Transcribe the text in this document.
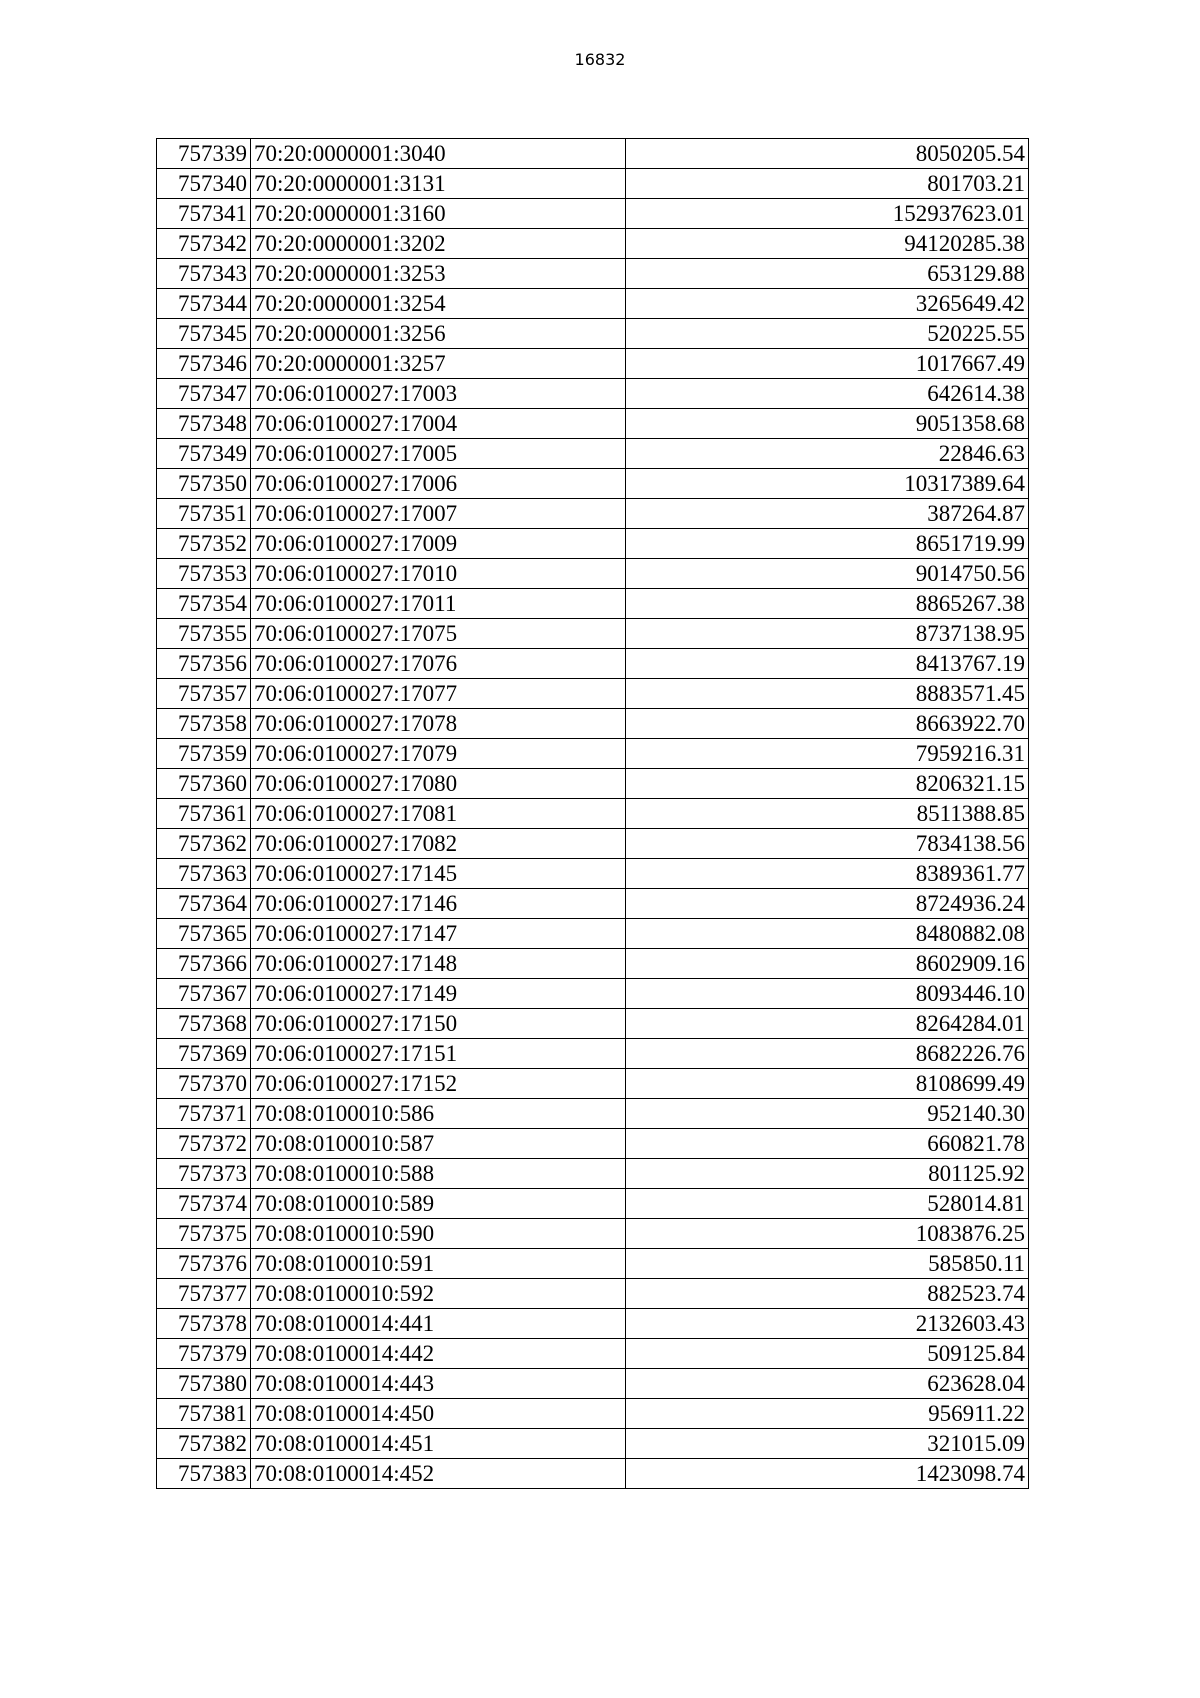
16832
757339	70:20:0000001:3040	8050205.54
757340	70:20:0000001:3131	801703.21
757341	70:20:0000001:3160	152937623.01
757342	70:20:0000001:3202	94120285.38
757343	70:20:0000001:3253	653129.88
757344	70:20:0000001:3254	3265649.42
757345	70:20:0000001:3256	520225.55
757346	70:20:0000001:3257	1017667.49
757347	70:06:0100027:17003	642614.38
757348	70:06:0100027:17004	9051358.68
757349	70:06:0100027:17005	22846.63
757350	70:06:0100027:17006	10317389.64
757351	70:06:0100027:17007	387264.87
757352	70:06:0100027:17009	8651719.99
757353	70:06:0100027:17010	9014750.56
757354	70:06:0100027:17011	8865267.38
757355	70:06:0100027:17075	8737138.95
757356	70:06:0100027:17076	8413767.19
757357	70:06:0100027:17077	8883571.45
757358	70:06:0100027:17078	8663922.70
757359	70:06:0100027:17079	7959216.31
757360	70:06:0100027:17080	8206321.15
757361	70:06:0100027:17081	8511388.85
757362	70:06:0100027:17082	7834138.56
757363	70:06:0100027:17145	8389361.77
757364	70:06:0100027:17146	8724936.24
757365	70:06:0100027:17147	8480882.08
757366	70:06:0100027:17148	8602909.16
757367	70:06:0100027:17149	8093446.10
757368	70:06:0100027:17150	8264284.01
757369	70:06:0100027:17151	8682226.76
757370	70:06:0100027:17152	8108699.49
757371	70:08:0100010:586	952140.30
757372	70:08:0100010:587	660821.78
757373	70:08:0100010:588	801125.92
757374	70:08:0100010:589	528014.81
757375	70:08:0100010:590	1083876.25
757376	70:08:0100010:591	585850.11
757377	70:08:0100010:592	882523.74
757378	70:08:0100014:441	2132603.43
757379	70:08:0100014:442	509125.84
757380	70:08:0100014:443	623628.04
757381	70:08:0100014:450	956911.22
757382	70:08:0100014:451	321015.09
757383	70:08:0100014:452	1423098.74
